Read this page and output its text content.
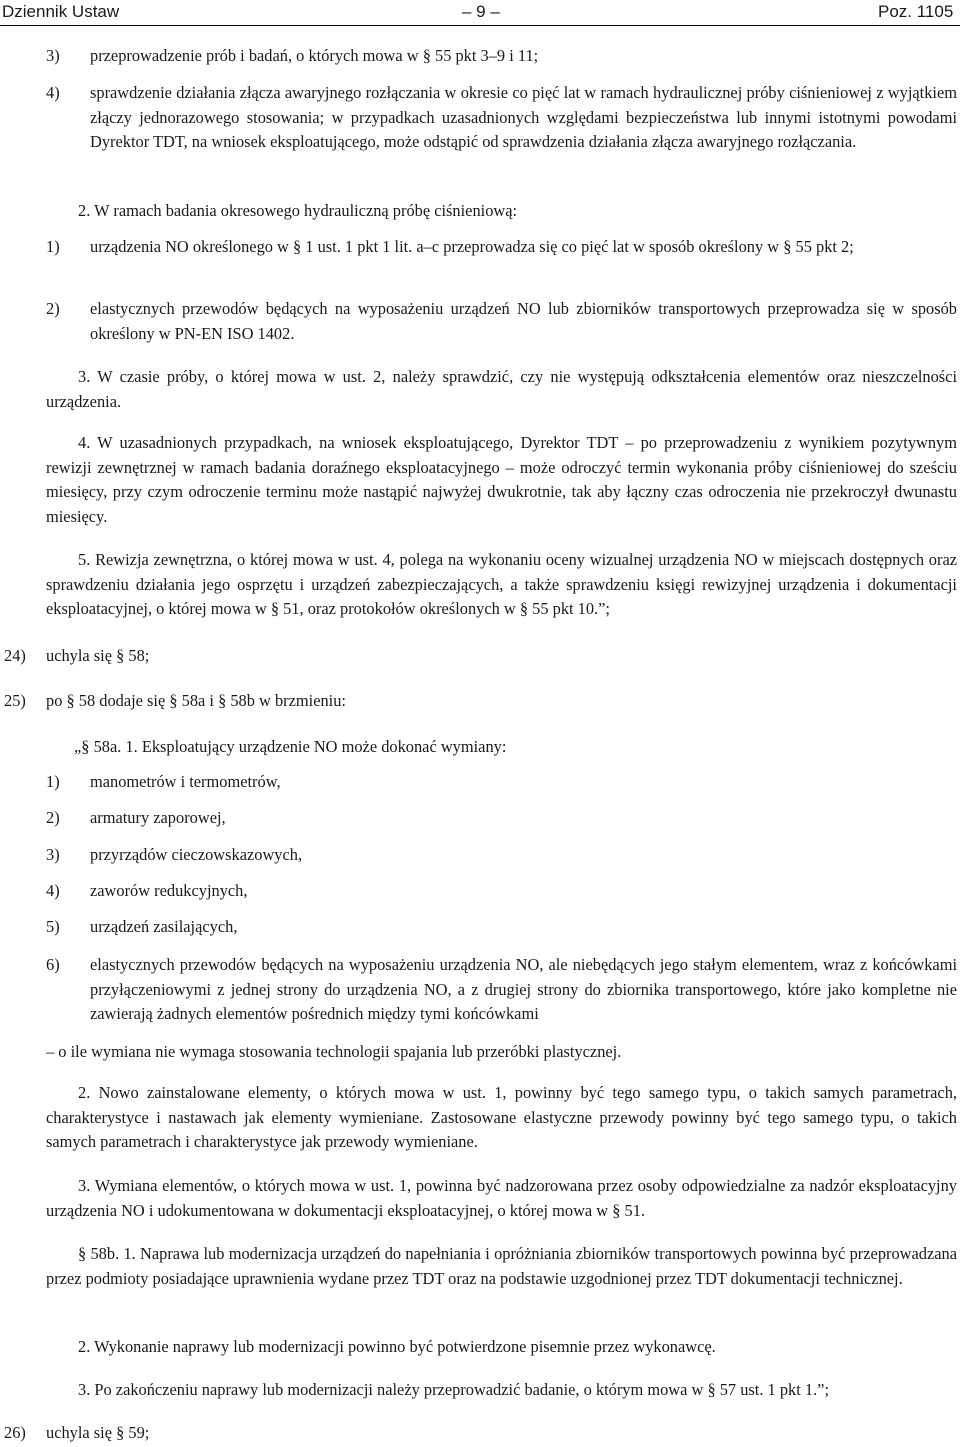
Dziennik Ustaw	– 9 –	Poz. 1105
3) przeprowadzenie prób i badań, o których mowa w § 55 pkt 3–9 i 11;

4) sprawdzenie działania złącza awaryjnego rozłączania w okresie co pięć lat w ramach hydraulicznej próby ciśnieniowej z wyjątkiem złączy jednorazowego stosowania; w przypadkach uzasadnionych względami bezpieczeństwa lub innymi istotnymi powodami Dyrektor TDT, na wniosek eksploatującego, może odstąpić od sprawdzenia działania złącza awaryjnego rozłączania.

2. W ramach badania okresowego hydrauliczną próbę ciśnieniową:

1) urządzenia NO określonego w § 1 ust. 1 pkt 1 lit. a–c przeprowadza się co pięć lat w sposób określony w § 55 pkt 2;

2) elastycznych przewodów będących na wyposażeniu urządzeń NO lub zbiorników transportowych przeprowadza się w sposób określony w PN-EN ISO 1402.

3. W czasie próby, o której mowa w ust. 2, należy sprawdzić, czy nie występują odkształcenia elementów oraz nieszczelności urządzenia.

4. W uzasadnionych przypadkach, na wniosek eksploatującego, Dyrektor TDT – po przeprowadzeniu z wynikiem pozytywnym rewizji zewnętrznej w ramach badania doraźnego eksploatacyjnego – może odroczyć termin wykonania próby ciśnieniowej do sześciu miesięcy, przy czym odroczenie terminu może nastąpić najwyżej dwukrotnie, tak aby łączny czas odroczenia nie przekroczył dwunastu miesięcy.

5. Rewizja zewnętrzna, o której mowa w ust. 4, polega na wykonaniu oceny wizualnej urządzenia NO w miejscach dostępnych oraz sprawdzeniu działania jego osprzętu i urządzeń zabezpieczających, a także sprawdzeniu księgi rewizyjnej urządzenia i dokumentacji eksploatacyjnej, o której mowa w § 51, oraz protokołów określonych w § 55 pkt 10.”;

24) uchyla się § 58;

25) po § 58 dodaje się § 58a i § 58b w brzmieniu:

„§ 58a. 1. Eksploatujący urządzenie NO może dokonać wymiany:

1) manometrów i termometrów,

2) armatury zaporowej,

3) przyrządów cieczowskazowych,

4) zaworów redukcyjnych,

5) urządzeń zasilających,

6) elastycznych przewodów będących na wyposażeniu urządzenia NO, ale niebędących jego stałym elementem, wraz z końcówkami przyłączeniowymi z jednej strony do urządzenia NO, a z drugiej strony do zbiornika transportowego, które jako kompletne nie zawierają żadnych elementów pośrednich między tymi końcówkami

– o ile wymiana nie wymaga stosowania technologii spajania lub przeróbki plastycznej.

2. Nowo zainstalowane elementy, o których mowa w ust. 1, powinny być tego samego typu, o takich samych parametrach, charakterystyce i nastawach jak elementy wymieniane. Zastosowane elastyczne przewody powinny być tego samego typu, o takich samych parametrach i charakterystyce jak przewody wymieniane.

3. Wymiana elementów, o których mowa w ust. 1, powinna być nadzorowana przez osoby odpowiedzialne za nadzór eksploatacyjny urządzenia NO i udokumentowana w dokumentacji eksploatacyjnej, o której mowa w § 51.

§ 58b. 1. Naprawa lub modernizacja urządzeń do napełniania i opróżniania zbiorników transportowych powinna być przeprowadzana przez podmioty posiadające uprawnienia wydane przez TDT oraz na podstawie uzgodnionej przez TDT dokumentacji technicznej.

2. Wykonanie naprawy lub modernizacji powinno być potwierdzone pisemnie przez wykonawcę.

3. Po zakończeniu naprawy lub modernizacji należy przeprowadzić badanie, o którym mowa w § 57 ust. 1 pkt 1.”;

26) uchyla się § 59;
